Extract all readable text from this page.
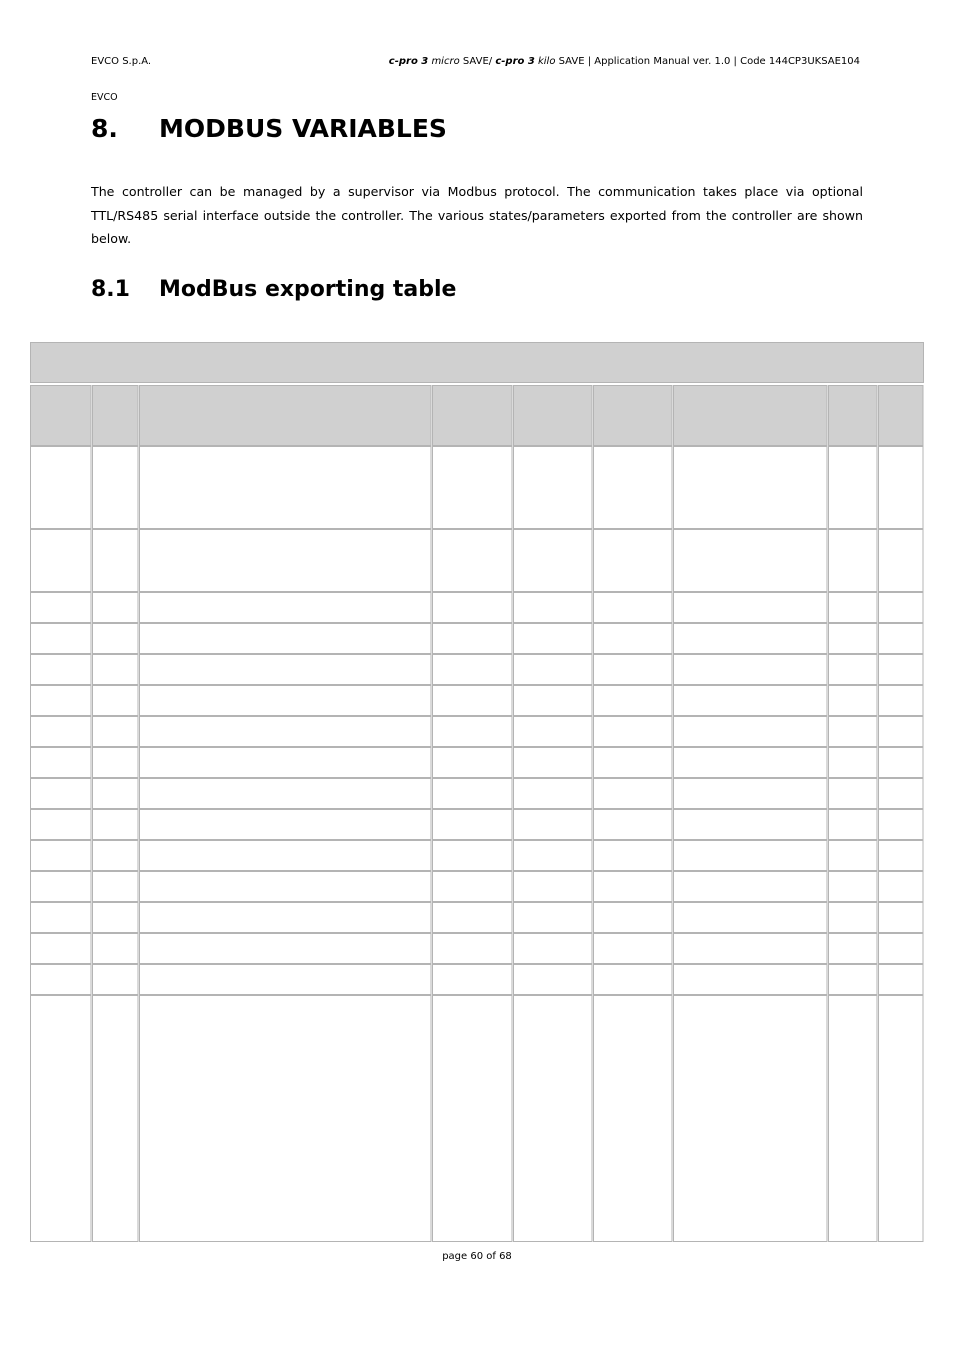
EVCO S.p.A.	c-pro 3 micro SAVE/ c-pro 3 kilo SAVE | Application Manual ver. 1.0 | Code 144CP3UKSAE104
EVCO
8. MODBUS VARIABLES

The controller can be managed by a supervisor via Modbus protocol. The communication takes place via optional TTL/RS485 serial interface outside the controller. The various states/parameters exported from the controller are shown below.

8.1 ModBus exporting table
page 60 of 68
